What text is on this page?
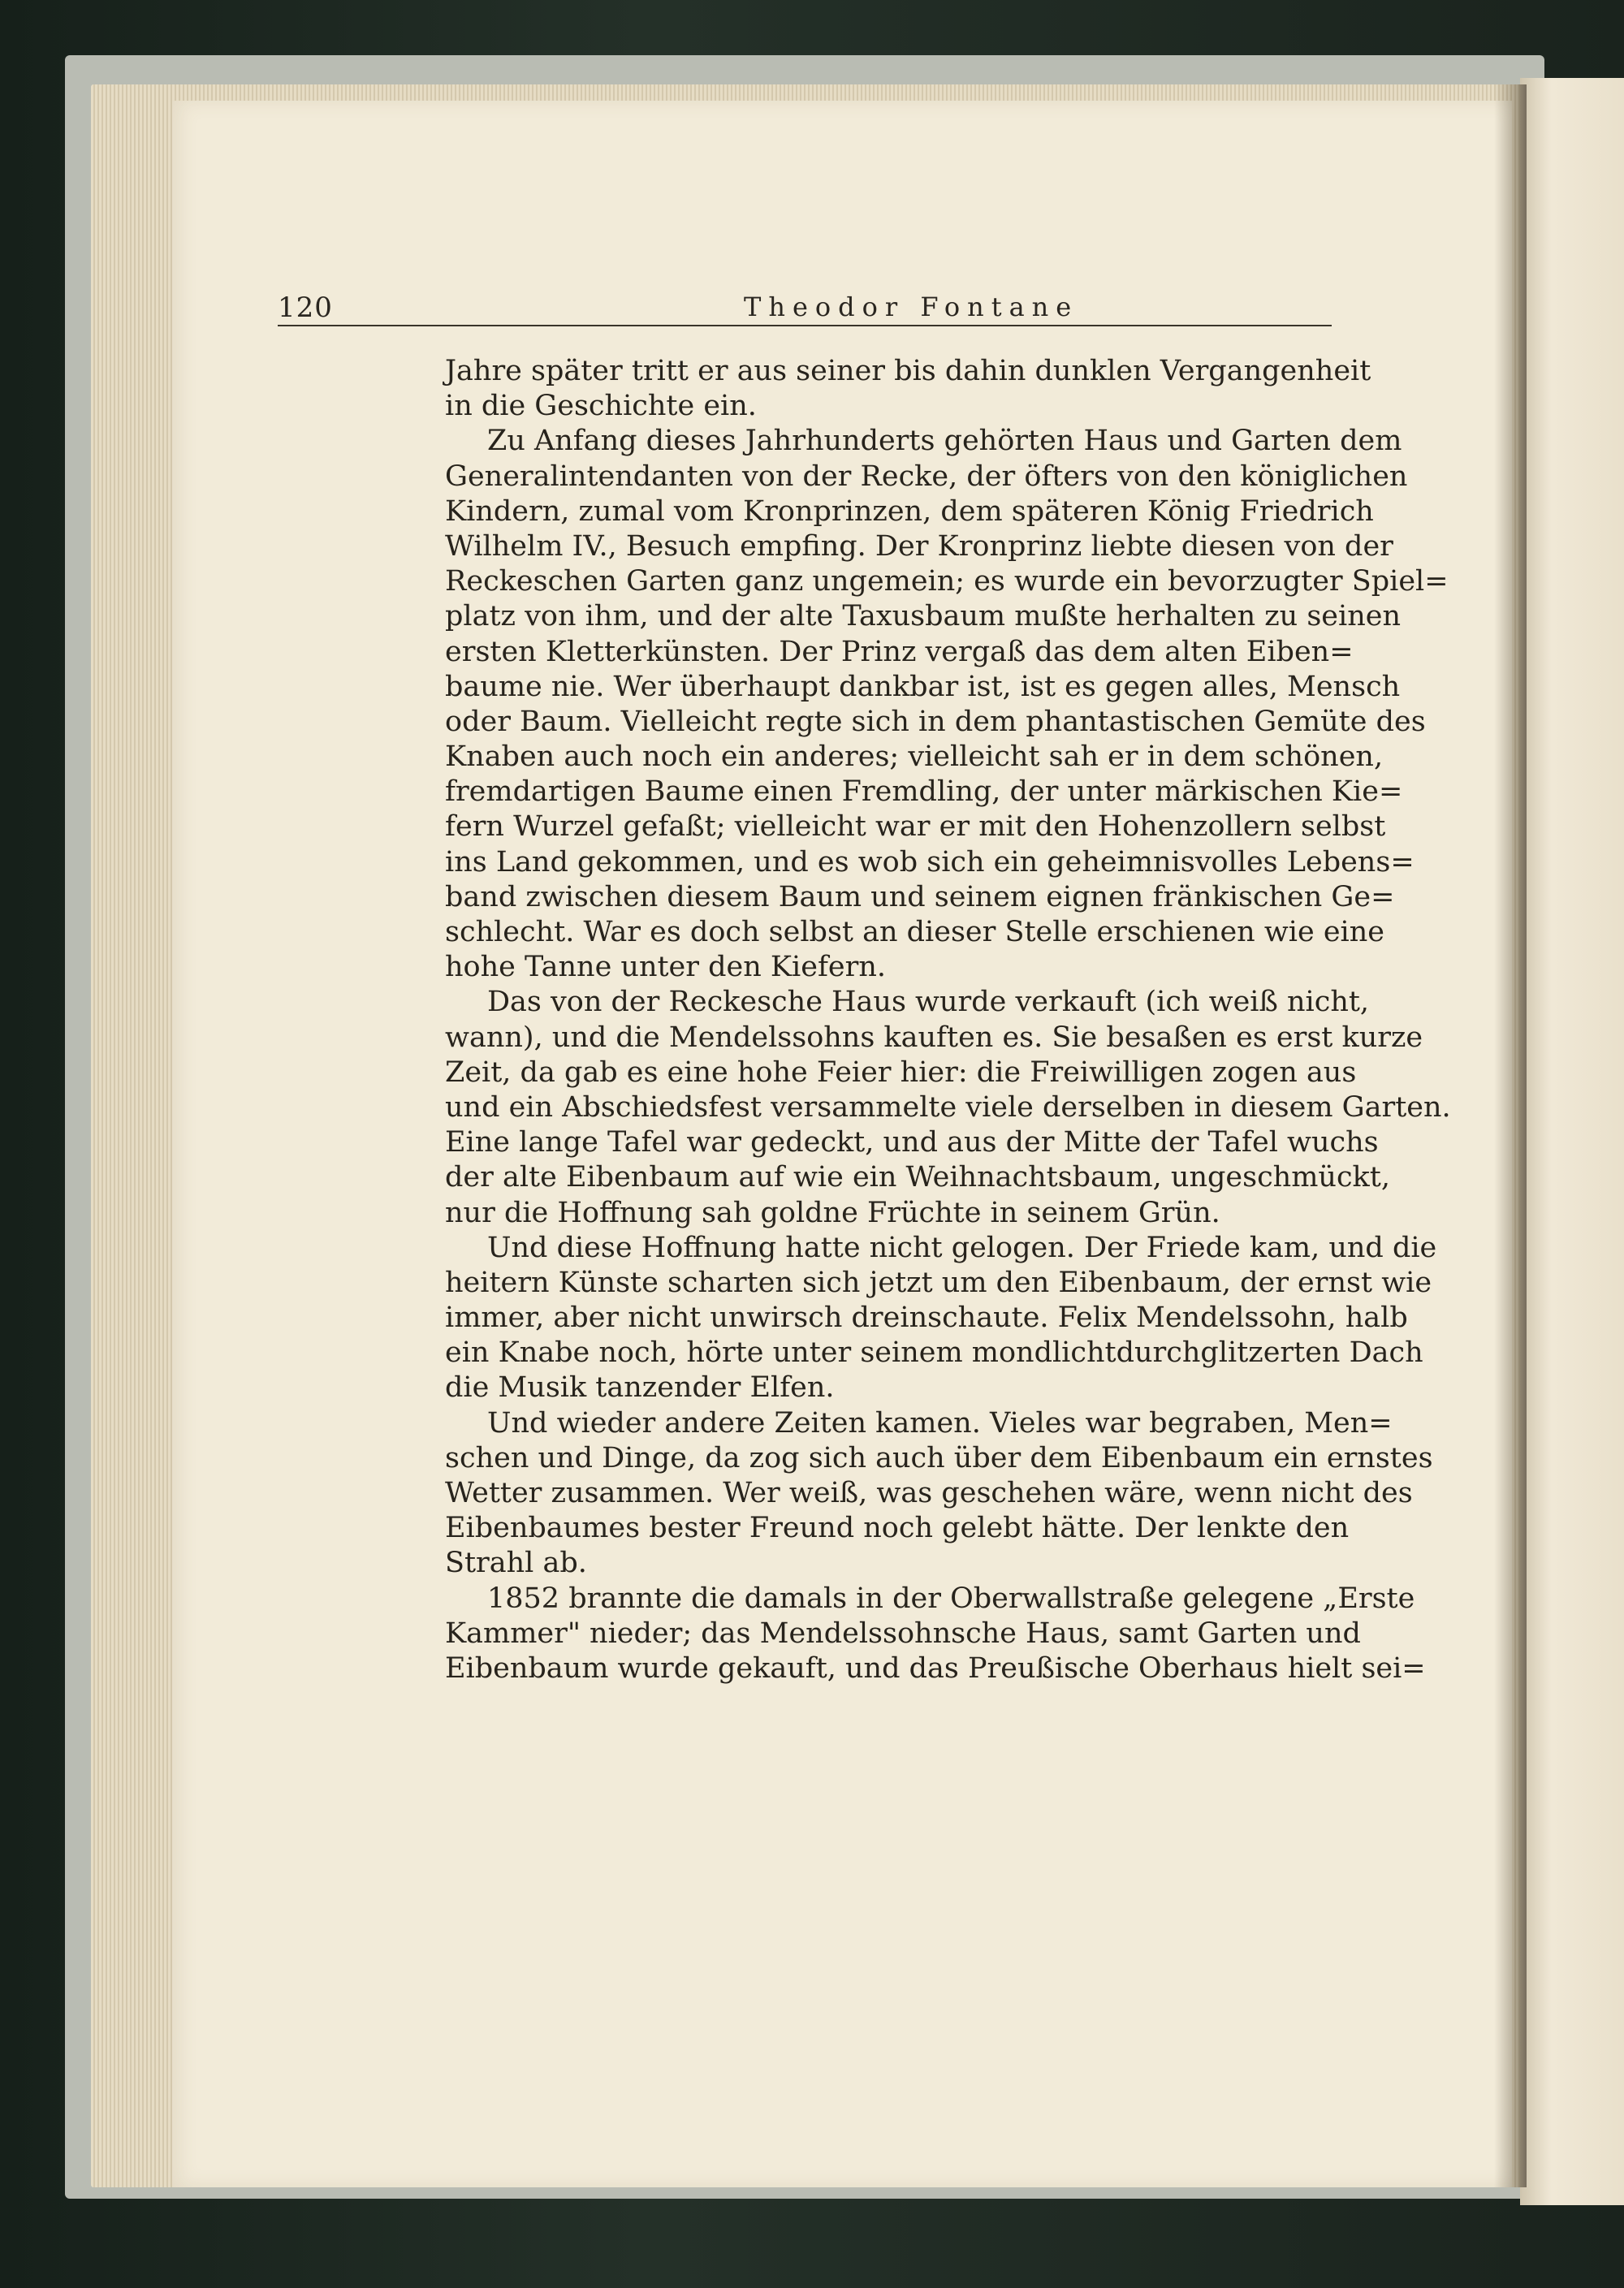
120	Theodor Fontane
Jahre später tritt er aus seiner bis dahin dunklen Vergangenheit
in die Geschichte ein.
Zu Anfang dieses Jahrhunderts gehörten Haus und Garten dem
Generalintendanten von der Recke, der öfters von den königlichen
Kindern, zumal vom Kronprinzen, dem späteren König Friedrich
Wilhelm IV., Besuch empfing. Der Kronprinz liebte diesen von der
Reckeschen Garten ganz ungemein; es wurde ein bevorzugter Spiel=
platz von ihm, und der alte Taxusbaum mußte herhalten zu seinen
ersten Kletterkünsten. Der Prinz vergaß das dem alten Eiben=
baume nie. Wer überhaupt dankbar ist, ist es gegen alles, Mensch
oder Baum. Vielleicht regte sich in dem phantastischen Gemüte des
Knaben auch noch ein anderes; vielleicht sah er in dem schönen,
fremdartigen Baume einen Fremdling, der unter märkischen Kie=
fern Wurzel gefaßt; vielleicht war er mit den Hohenzollern selbst
ins Land gekommen, und es wob sich ein geheimnisvolles Lebens=
band zwischen diesem Baum und seinem eignen fränkischen Ge=
schlecht. War es doch selbst an dieser Stelle erschienen wie eine
hohe Tanne unter den Kiefern.
Das von der Reckesche Haus wurde verkauft (ich weiß nicht,
wann), und die Mendelssohns kauften es. Sie besaßen es erst kurze
Zeit, da gab es eine hohe Feier hier: die Freiwilligen zogen aus
und ein Abschiedsfest versammelte viele derselben in diesem Garten.
Eine lange Tafel war gedeckt, und aus der Mitte der Tafel wuchs
der alte Eibenbaum auf wie ein Weihnachtsbaum, ungeschmückt,
nur die Hoffnung sah goldne Früchte in seinem Grün.
Und diese Hoffnung hatte nicht gelogen. Der Friede kam, und die
heitern Künste scharten sich jetzt um den Eibenbaum, der ernst wie
immer, aber nicht unwirsch dreinschaute. Felix Mendelssohn, halb
ein Knabe noch, hörte unter seinem mondlichtdurchglitzerten Dach
die Musik tanzender Elfen.
Und wieder andere Zeiten kamen. Vieles war begraben, Men=
schen und Dinge, da zog sich auch über dem Eibenbaum ein ernstes
Wetter zusammen. Wer weiß, was geschehen wäre, wenn nicht des
Eibenbaumes bester Freund noch gelebt hätte. Der lenkte den
Strahl ab.
1852 brannte die damals in der Oberwallstraße gelegene „Erste
Kammer" nieder; das Mendelssohnsche Haus, samt Garten und
Eibenbaum wurde gekauft, und das Preußische Oberhaus hielt sei=
